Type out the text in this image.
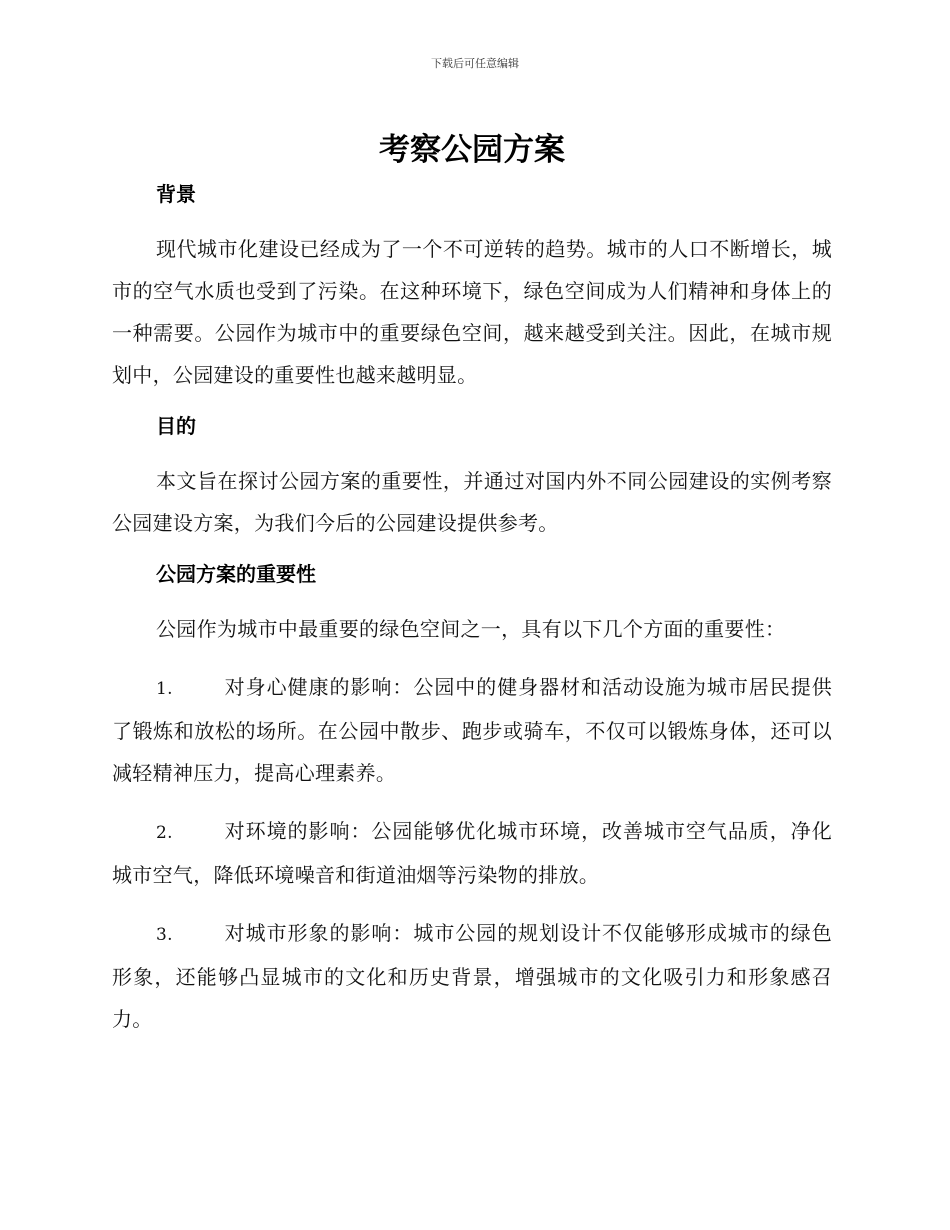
下载后可任意编辑
考察公园方案
背景

现代城市化建设已经成为了一个不可逆转的趋势。城市的人口不断增长，城市的空气水质也受到了污染。在这种环境下，绿色空间成为人们精神和身体上的一种需要。公园作为城市中的重要绿色空间，越来越受到关注。因此，在城市规划中，公园建设的重要性也越来越明显。

目的

本文旨在探讨公园方案的重要性，并通过对国内外不同公园建设的实例考察公园建设方案，为我们今后的公园建设提供参考。

公园方案的重要性

公园作为城市中最重要的绿色空间之一，具有以下几个方面的重要性：

1.	对身心健康的影响：公园中的健身器材和活动设施为城市居民提供了锻炼和放松的场所。在公园中散步、跑步或骑车，不仅可以锻炼身体，还可以减轻精神压力，提高心理素养。

2.	对环境的影响：公园能够优化城市环境，改善城市空气品质，净化城市空气，降低环境噪音和街道油烟等污染物的排放。

3.	对城市形象的影响：城市公园的规划设计不仅能够形成城市的绿色形象，还能够凸显城市的文化和历史背景，增强城市的文化吸引力和形象感召力。
